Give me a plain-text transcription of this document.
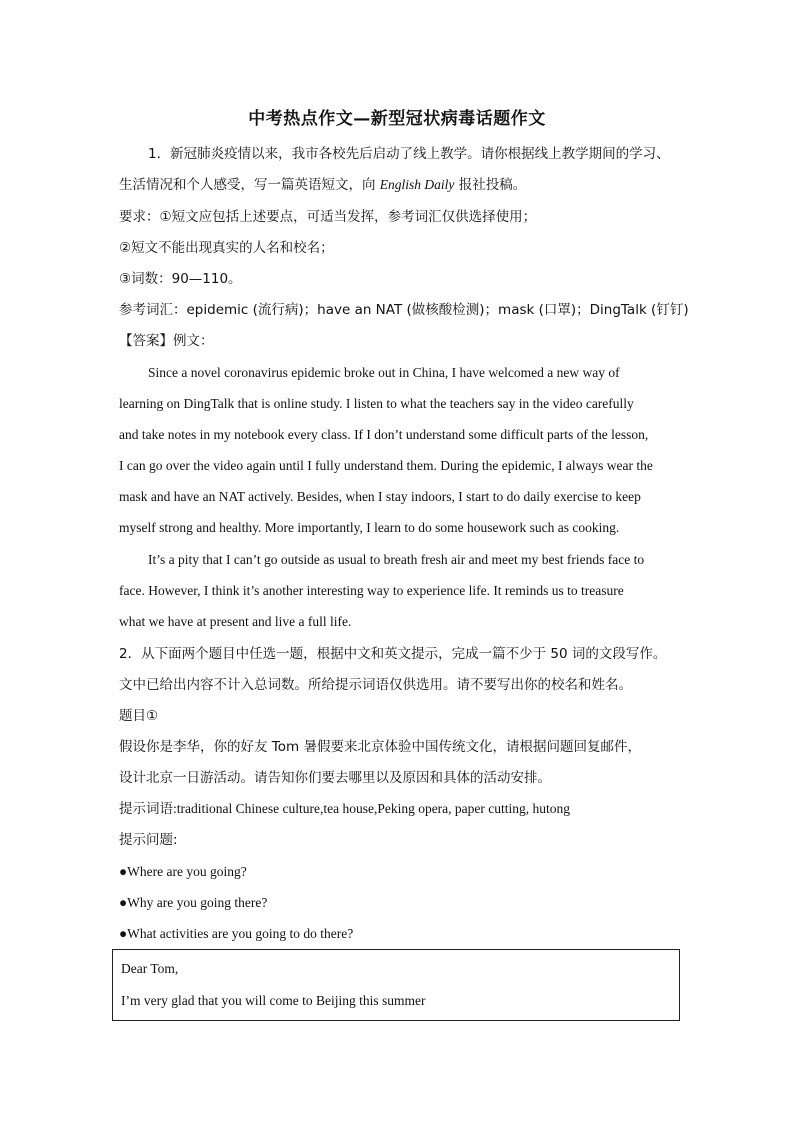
中考热点作文—新型冠状病毒话题作文
1．新冠肺炎疫情以来，我市各校先后启动了线上教学。请你根据线上教学期间的学习、
生活情况和个人感受，写一篇英语短文，向 English Daily 报社投稿。
要求：①短文应包括上述要点，可适当发挥，参考词汇仅供选择使用；
②短文不能出现真实的人名和校名；
③词数：90—110。
参考词汇：epidemic (流行病)；have an NAT (做核酸检测)；mask (口罩)；DingTalk (钉钉)
【答案】例文：
Since a novel coronavirus epidemic broke out in China, I have welcomed a new way of
learning on DingTalk that is online study. I listen to what the teachers say in the video carefully
and take notes in my notebook every class. If I don’t understand some difficult parts of the lesson,
I can go over the video again until I fully understand them. During the epidemic, I always wear the
mask and have an NAT actively. Besides, when I stay indoors, I start to do daily exercise to keep
myself strong and healthy. More importantly, I learn to do some housework such as cooking.
It’s a pity that I can’t go outside as usual to breath fresh air and meet my best friends face to
face. However, I think it’s another interesting way to experience life. It reminds us to treasure
what we have at present and live a full life.
2．从下面两个题目中任选一题，根据中文和英文提示，完成一篇不少于 50 词的文段写作。
文中已给出内容不计入总词数。所给提示词语仅供选用。请不要写出你的校名和姓名。
题目①
假设你是李华，你的好友 Tom 暑假要来北京体验中国传统文化，请根据问题回复邮件，
设计北京一日游活动。请告知你们要去哪里以及原因和具体的活动安排。
提示词语:traditional Chinese culture,tea house,Peking opera, paper cutting, hutong
提示问题:
●Where are you going?
●Why are you going there?
●What activities are you going to do there?
Dear Tom,
I’m very glad that you will come to Beijing this summer
